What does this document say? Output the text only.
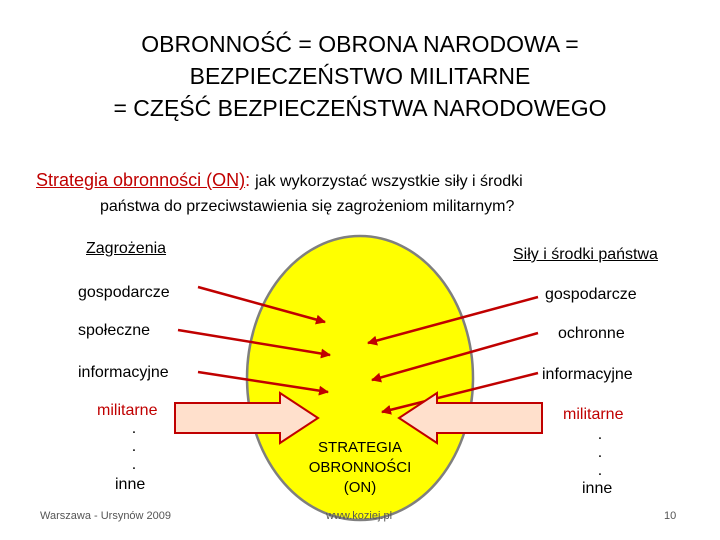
OBRONNOŚĆ = OBRONA NARODOWA =
BEZPIECZEŃSTWO MILITARNE
= CZĘŚĆ BEZPIECZEŃSTWA NARODOWEGO
Strategia obronności (ON): jak wykorzystać wszystkie siły i środki
państwa do przeciwstawienia się zagrożeniom militarnym?
Zagrożenia
gospodarcze
społeczne
informacyjne
militarne
.
.
.
inne
Siły i środki państwa
gospodarcze
ochronne
informacyjne
militarne
.
.
.
inne
STRATEGIA
OBRONNOŚCI
(ON)
Warszawa - Ursynów 2009	www.koziej.pl	10
